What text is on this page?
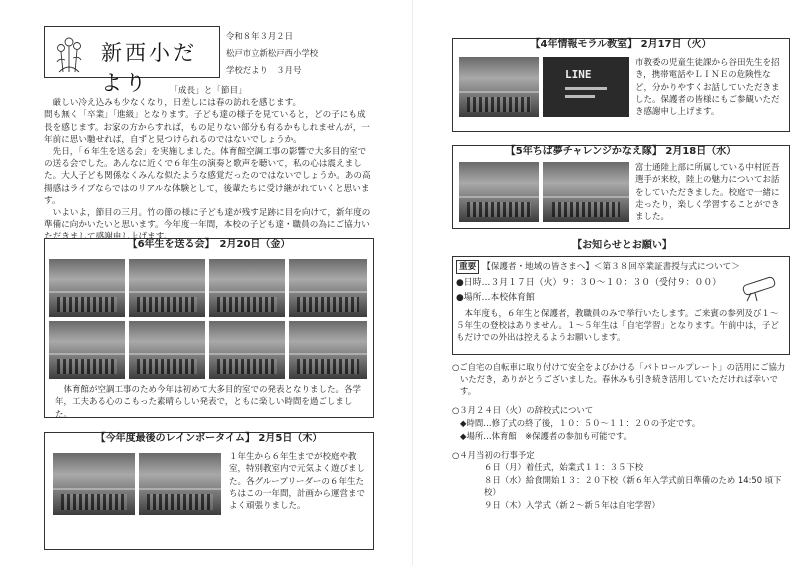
新西小だより
令和８年３月２日
松戸市立新松戸西小学校
学校だより　３月号
「成長」と「節目」

厳しい冷え込みも少なくなり，日差しには春の訪れを感じます。

間も無く「卒業」「進級」となります。子ども達の様子を見ていると，どの子にも成長を感じます。お家の方からすれば，もの足りない部分も有るかもしれませんが，一年前に思い馳せれば，自ずと見つけられるのではないでしょうか。

先日，「６年生を送る会」を実施しました。体育館空調工事の影響で大多目的室での送る会でした。あんなに近くで６年生の演奏と歌声を聴いて，私の心は震えました。大人子ども関係なくみんな似たような感覚だったのではないでしょうか。あの高揚感はライブならではのリアルな体験として，後輩たちに受け継がれていくと思います。

いよいよ，節目の三月。竹の節の様に子ども達が残す足跡に目を向けて，新年度の準備に向かいたいと思います。今年度一年間，本校の子ども達・職員の為にご協力い

【6年生を送る会】　2月20日（金）
体育館が空調工事のため今年は初めて大多目的室での発表となりました。各学年，工夫ある心のこもった素晴らしい発表で，ともに楽しい時間を過ごしました。
【今年度最後のレインボータイム】 2月5日（木）
１年生から６年生までが校庭や教室，特別教室内で元気よく遊びました。各グループリーダーの６年生たちはこの一年間，計画から運営までよく頑張りました。
【4年情報モラル教室】 2月17日（火）
LINE
市教委の児童生徒課から谷田先生を招き，携帯電話やＬＩＮＥの危険性など，分かりやすくお話していただきました。保護者の皆様にもご参観いただき感謝申し上げます。
【5年ちば夢チャレンジかなえ隊】 2月18日（水）
富士通陸上部に所属している中村匠吾選手が来校，陸上の魅力についてお話をしていただきました。校庭で一緒に走ったり，楽しく学習することができました。
【お知らせとお願い】
重要 【保護者・地域の皆さまへ】＜第３８回卒業証書授与式について＞
●日時…３月１７日（火）９：３０～１０：３０（受付９：００）
●場所…本校体育館
本年度も，６年生と保護者，教職員のみで挙行いたします。ご来賓の参列及び１～５年生の登校はありません。１～５年生は「自宅学習」となります。午前中は，子どもだけでの外出は控えるようお願いします。

○ご自宅の自転車に取り付けて安全をよびかける「パトロールプレート」の活用にご協力いただき，ありがとうございました。春休みも引き続き活用していただければ幸いです。

○３月２４日（火）の辞校式について

◆時間…修了式の終了後，１０：５０～１１：２０の予定です。

◆場所…体育館　※保護者の参加も可能です。

○４月当初の行事予定

６日（月）着任式，始業式１１：３５下校

８日（水）給食開始１３：２０下校（新６年入学式前日準備のため 14:50 頃下校）

９日（木）入学式（新２～新５年は自宅学習）
